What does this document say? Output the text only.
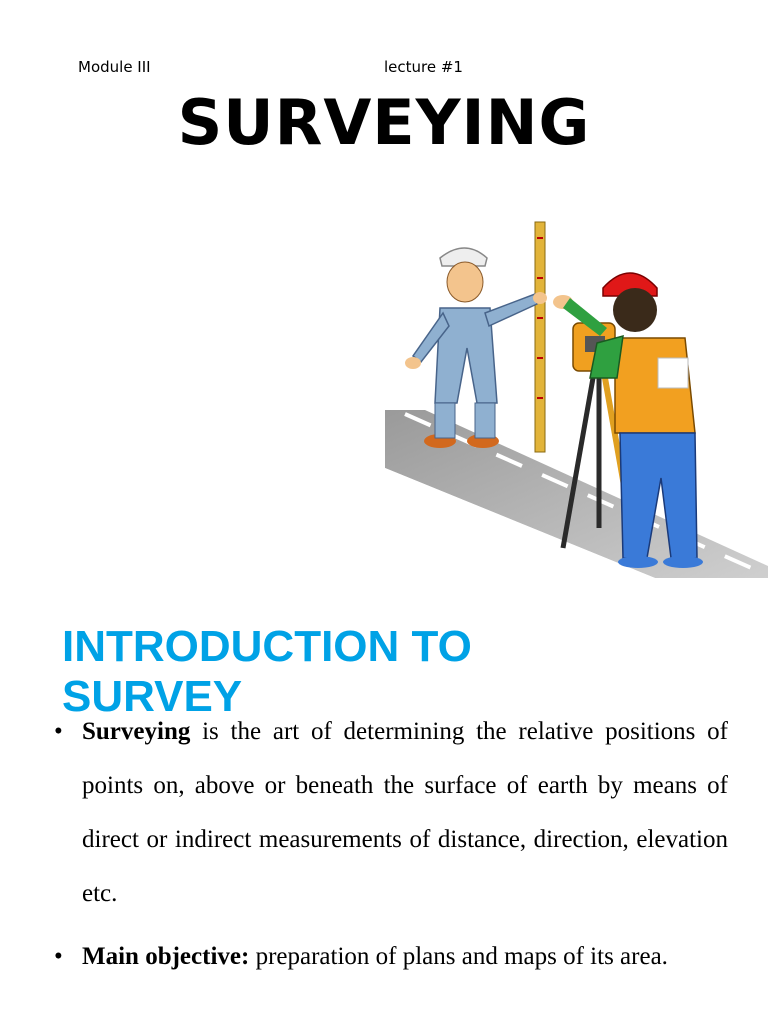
Module III	lecture #1
SURVEYING
INTRODUCTION TO
SURVEY
• Surveying is the art of determining the relative positions of points on, above or beneath the surface of earth by means of direct or indirect measurements of distance, direction, elevation etc.
• Main objective: preparation of plans and maps of its area.
